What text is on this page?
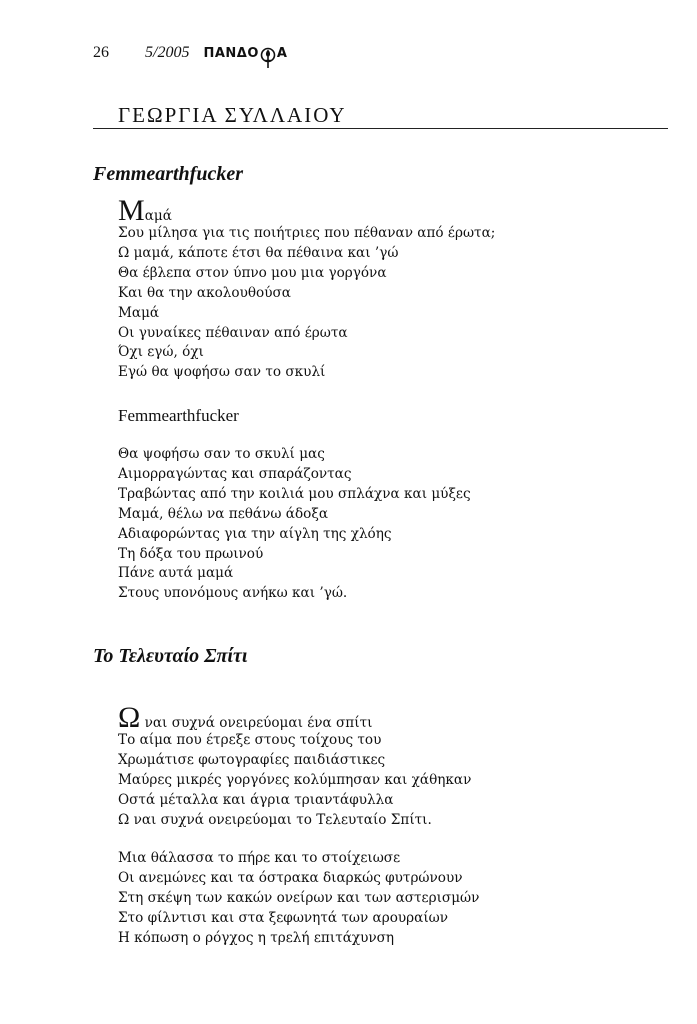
26 5/2005 ΠΑΝΔΟ Α
ΓΕΩΡΓΙΑ ΣΥΛΛΑΙΟΥ
Femmearthfucker
Μαμά
Σου μίλησα για τις ποιήτριες που πέθαναν από έρωτα;
Ω μαμά, κάποτε έτσι θα πέθαινα και ’γώ
Θα έβλεπα στον ύπνο μου μια γοργόνα
Και θα την ακολουθούσα
Μαμά
Οι γυναίκες πέθαιναν από έρωτα
Όχι εγώ, όχι
Εγώ θα ψοφήσω σαν το σκυλί
Femmearthfucker
Θα ψοφήσω σαν το σκυλί μας
Αιμορραγώντας και σπαράζοντας
Τραβώντας από την κοιλιά μου σπλάχνα και μύξες
Μαμά, θέλω να πεθάνω άδοξα
Αδιαφορώντας για την αίγλη της χλόης
Τη δόξα του πρωινού
Πάνε αυτά μαμά
Στους υπονόμους ανήκω και ’γώ.
Το Τελευταίο Σπίτι
Ω ναι συχνά ονειρεύομαι ένα σπίτι
Το αίμα που έτρεξε στους τοίχους του
Χρωμάτισε φωτογραφίες παιδιάστικες
Μαύρες μικρές γοργόνες κολύμπησαν και χάθηκαν
Οστά μέταλλα και άγρια τριαντάφυλλα
Ω ναι συχνά ονειρεύομαι το Τελευταίο Σπίτι.
Μια θάλασσα το πήρε και το στοίχειωσε
Οι ανεμώνες και τα όστρακα διαρκώς φυτρώνουν
Στη σκέψη των κακών ονείρων και των αστερισμών
Στο φίλντισι και στα ξεφωνητά των αρουραίων
Η κόπωση ο ρόγχος η τρελή επιτάχυνση
